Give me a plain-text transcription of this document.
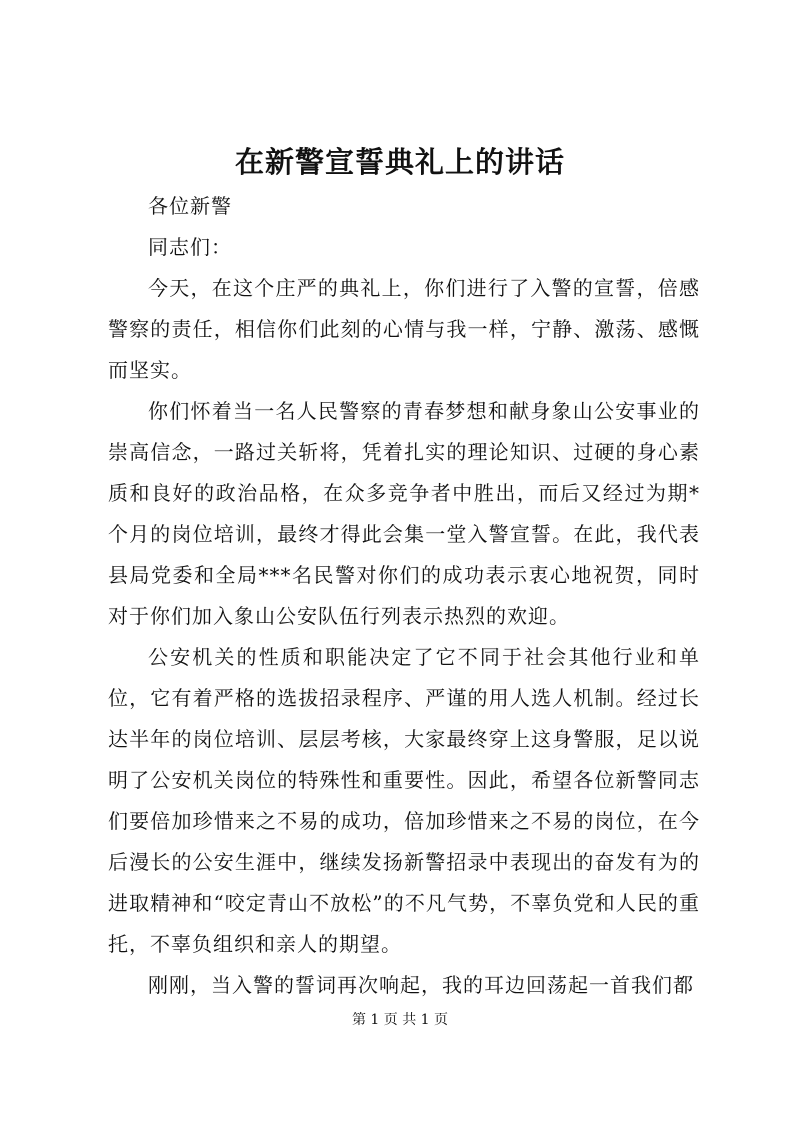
在新警宣誓典礼上的讲话

各位新警

同志们：

今天，在这个庄严的典礼上，你们进行了入警的宣誓，倍感警察的责任，相信你们此刻的心情与我一样，宁静、激荡、感慨而坚实。

你们怀着当一名人民警察的青春梦想和献身象山公安事业的崇高信念，一路过关斩将，凭着扎实的理论知识、过硬的身心素质和良好的政治品格，在众多竞争者中胜出，而后又经过为期*个月的岗位培训，最终才得此会集一堂入警宣誓。在此，我代表县局党委和全局***名民警对你们的成功表示衷心地祝贺，同时对于你们加入象山公安队伍行列表示热烈的欢迎。

公安机关的性质和职能决定了它不同于社会其他行业和单位，它有着严格的选拔招录程序、严谨的用人选人机制。经过长达半年的岗位培训、层层考核，大家最终穿上这身警服，足以说明了公安机关岗位的特殊性和重要性。因此，希望各位新警同志们要倍加珍惜来之不易的成功，倍加珍惜来之不易的岗位，在今后漫长的公安生涯中，继续发扬新警招录中表现出的奋发有为的进取精神和“咬定青山不放松”的不凡气势，不辜负党和人民的重托，不辜负组织和亲人的期望。

刚刚，当入警的誓词再次响起，我的耳边回荡起一首我们都

第 1 页 共 1 页
